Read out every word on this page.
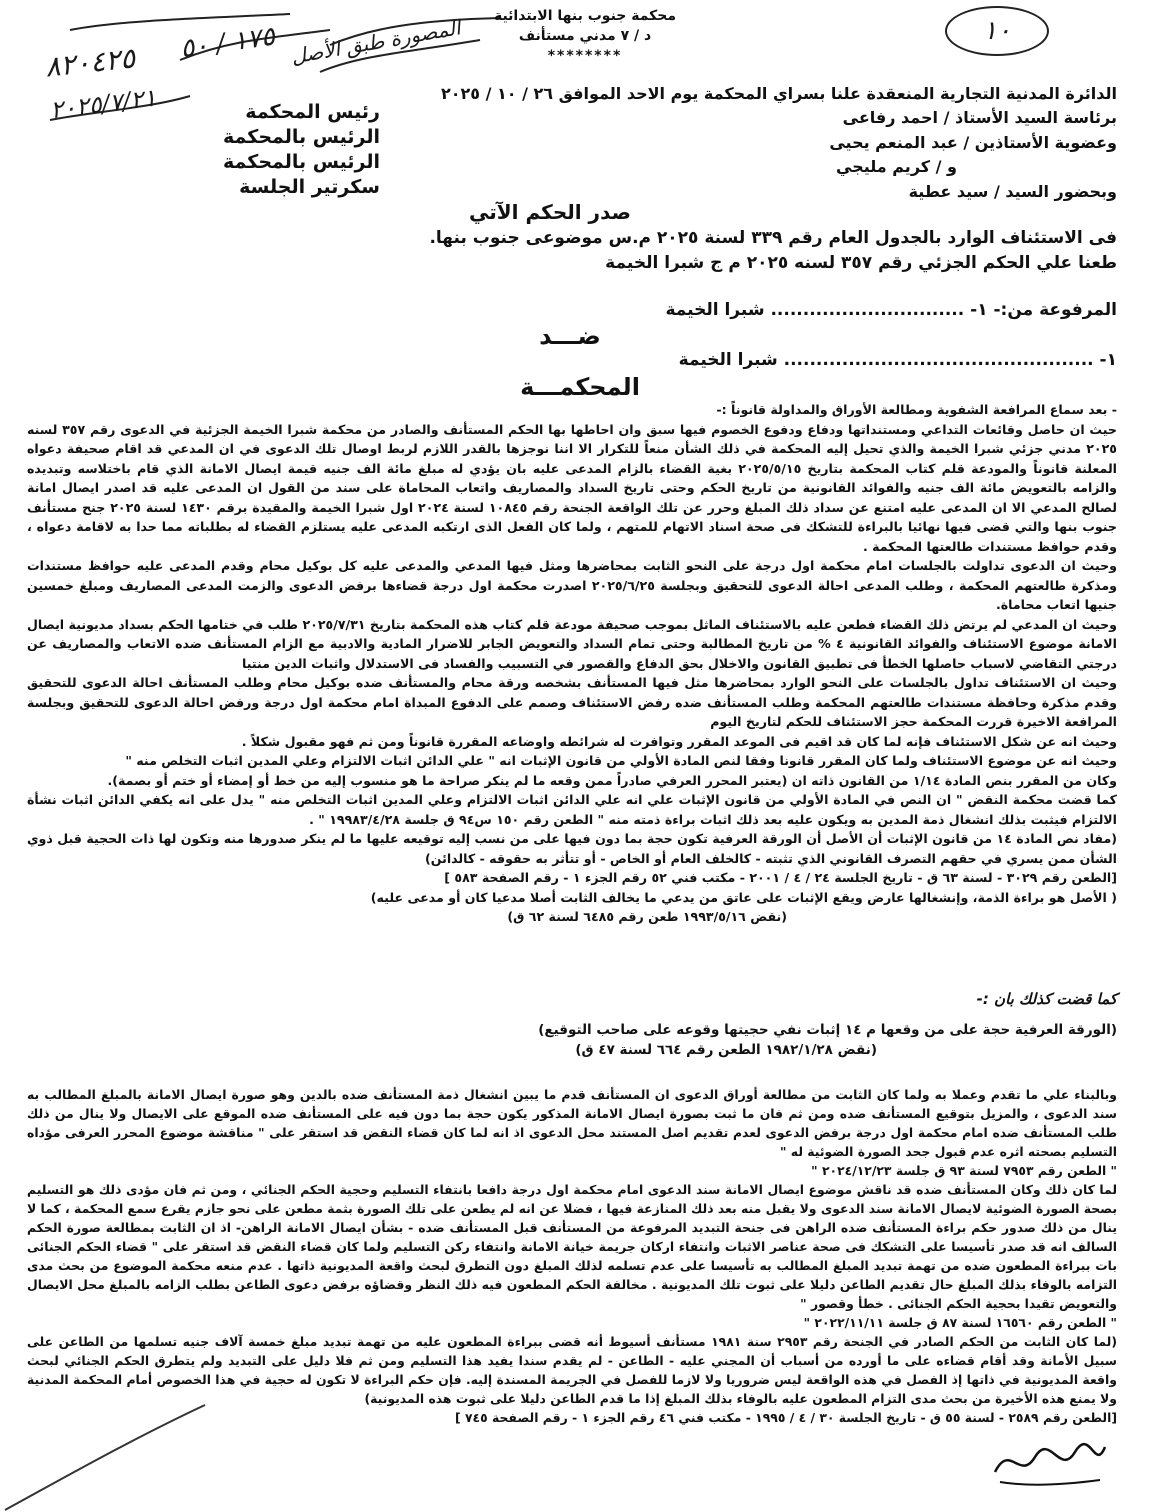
٨٢٠٤٢٥ ١٧٥ / ٥٠
٢٠٢٥/٧/٢١
المصورة طبق الأصل	محكمة جنوب بنها الابتدائية
د / ٧ مدني مستأنف
********
١٠
الدائرة المدنية التجارية المنعقدة علنا بسراي المحكمة يوم الاحد الموافق ٢٦ / ١٠ / ٢٠٢٥
برئاسة السيد الأستاذ / احمد رفاعى
وعضوية الأستاذين / عبد المنعم يحيى
و / كريم مليجي
وبحضور السيد / سيد عطية
رئيس المحكمة
الرئيس بالمحكمة
الرئيس بالمحكمة
سكرتير الجلسة
صدر الحكم الآتي
فى الاستئناف الوارد بالجدول العام رقم ٣٣٩ لسنة ٢٠٢٥ م.س موضوعى جنوب بنها.
طعنا علي الحكم الجزئي رقم ٣٥٧ لسنه ٢٠٢٥ م ج شبرا الخيمة
المرفوعة من:- ١- .............................. شبرا الخيمة
ضـــد
١- ................................................ شبرا الخيمة
المحكمـــة

- بعد سماع المرافعة الشفوية ومطالعة الأوراق والمداولة قانوناً :-

حيث ان حاصل وقائعات التداعي ومستنداتها ودفاع ودفوع الخصوم فيها سبق وان احاطها بها الحكم المستأنف والصادر من محكمة شبرا الخيمة الجزئية في الدعوى رقم ٣٥٧ لسنه ٢٠٢٥ مدني جزئي شبرا الخيمة والذي تحيل إليه المحكمة في ذلك الشأن منعاً للتكرار الا اننا نوجزها بالقدر اللازم لربط اوصال تلك الدعوى في ان المدعي قد اقام صحيفة دعواه المعلنة قانوناً والمودعة قلم كتاب المحكمة بتاريخ ٢٠٢٥/٥/١٥ بغية القضاء بالزام المدعى عليه بان يؤدي له مبلغ مائة الف جنيه قيمة ايصال الامانة الذي قام باختلاسه وتبديده والزامه بالتعويض مائة الف جنيه والفوائد القانونية من تاريخ الحكم وحتى تاريخ السداد والمصاريف واتعاب المحاماة على سند من القول ان المدعى عليه قد اصدر ايصال امانة لصالح المدعي الا ان المدعى عليه امتنع عن سداد ذلك المبلغ وحرر عن تلك الواقعة الجنحة رقم ١٠٨٤٥ لسنة ٢٠٢٤ اول شبرا الخيمة والمقيدة برقم ١٤٣٠ لسنة ٢٠٢٥ جنح مستأنف جنوب بنها والتي قضى فيها نهائيا بالبراءة للتشكك فى صحة اسناد الاتهام للمتهم ، ولما كان الفعل الذى ارتكبه المدعى عليه يستلزم القضاء له بطلباته مما حدا به لاقامة دعواه ، وقدم حوافظ مستندات طالعتها المحكمة .

وحيث ان الدعوى تداولت بالجلسات امام محكمة اول درجة على النحو الثابت بمحاضرها ومثل فيها المدعي والمدعى عليه كل بوكيل محام وقدم المدعى عليه حوافظ مستندات ومذكرة طالعتهم المحكمة ، وطلب المدعى احالة الدعوى للتحقيق وبجلسة ٢٠٢٥/٦/٢٥ اصدرت محكمة اول درجة قضاءها برفض الدعوى والزمت المدعى المصاريف ومبلغ خمسين جنيها اتعاب محاماة.

وحيث ان المدعي لم يرتض ذلك القضاء فطعن عليه بالاستئناف الماثل بموجب صحيفة مودعة قلم كتاب هذه المحكمة بتاريخ ٢٠٢٥/٧/٣١ طلب في ختامها الحكم بسداد مديونية ايصال الامانة موضوع الاستئناف والفوائد القانونية ٤ % من تاريخ المطالبة وحتى تمام السداد والتعويض الجابر للاضرار المادية والادبية مع الزام المستأنف ضده الاتعاب والمصاريف عن درجتي التقاضي لاسباب حاصلها الخطأ فى تطبيق القانون والاخلال بحق الدفاع والقصور في التسبيب والفساد فى الاستدلال واثبات الدين منتيا

وحيث ان الاستئناف تداول بالجلسات على النحو الوارد بمحاضرها مثل فيها المستأنف بشخصه ورقة محام والمستأنف ضده بوكيل محام وطلب المستأنف احالة الدعوى للتحقيق وقدم مذكرة وحافظة مستندات طالعتهم المحكمة وطلب المستأنف ضده رفض الاستئناف وصمم على الدفوع المبداة امام محكمة اول درجة ورفض احالة الدعوى للتحقيق وبجلسة المرافعة الاخيرة قررت المحكمة حجز الاستئناف للحكم لتاريخ اليوم

وحيث انه عن شكل الاستئناف فإنه لما كان قد اقيم فى الموعد المقرر وتوافرت له شرائطه واوضاعه المقررة قانوناً ومن ثم فهو مقبول شكلاً .

وحيث انه عن موضوع الاستئناف ولما كان المقرر قانونا وفقا لنص المادة الأولي من قانون الإثبات انه " علي الدائن اثبات الالتزام وعلي المدين اثبات التخلص منه "

وكان من المقرر بنص المادة ١/١٤ من القانون ذاته ان (يعتبر المحرر العرفي صادراً ممن وقعه ما لم ينكر صراحة ما هو منسوب إليه من خط أو إمضاء أو ختم أو بصمة).

كما قضت محكمة النقض " ان النص في المادة الأولي من قانون الإثبات علي انه علي الدائن اثبات الالتزام وعلي المدين اثبات التخلص منه " يدل على انه يكفي الدائن اثبات نشأة الالتزام فيثبت بذلك انشغال ذمة المدين به ويكون عليه بعد ذلك اثبات براءة ذمته منه " الطعن رقم ١٥٠ س٩٤ ق جلسة ١٩٩٨٣/٤/٢٨ " .

(مفاد نص المادة ١٤ من قانون الإثبات أن الأصل أن الورقة العرفية تكون حجة بما دون فيها على من نسب إليه توقيعه عليها ما لم ينكر صدورها منه وتكون لها ذات الحجية قبل ذوي الشأن ممن يسري في حقهم التصرف القانوني الذي تثبته - كالخلف العام أو الخاص - أو تتأثر به حقوقه - كالدائن)

[الطعن رقم ٣٠٢٩ - لسنة ٦٣ ق - تاريخ الجلسة ٢٤ / ٤ / ٢٠٠١ - مكتب فني ٥٢ رقم الجزء ١ - رقم الصفحة ٥٨٣ ]

( الأصل هو براءة الذمة، وإنشغالها عارض ويقع الإثبات على عاتق من يدعي ما يخالف الثابت أصلا مدعيا كان أو مدعى عليه)

(نقض ١٩٩٣/٥/١٦ طعن رقم ٦٤٨٥ لسنة ٦٢ ق)

كما قضت كذلك بان :-
(الورقة العرفية حجة على من وقعها م ١٤ إثبات نفي حجيتها وقوعه على صاحب التوقيع)
(نقض ١٩٨٢/١/٢٨ الطعن رقم ٦٦٤ لسنة ٤٧ ق)

وبالبناء علي ما تقدم وعملا به ولما كان الثابت من مطالعة أوراق الدعوى ان المستأنف قدم ما يبين انشغال ذمة المستأنف ضده بالدين وهو صورة ايصال الامانة بالمبلغ المطالب به سند الدعوى ، والمزيل بتوقيع المستأنف ضده ومن ثم فان ما ثبت بصورة ايصال الامانة المذكور يكون حجة بما دون فيه على المستأنف ضده الموقع على الايصال ولا ينال من ذلك طلب المستأنف ضده امام محكمة اول درجة برفض الدعوى لعدم تقديم اصل المستند محل الدعوى اذ انه لما كان قضاء النقض قد استقر على " مناقشة موضوع المحرر العرفى مؤداه التسليم بصحته اثره عدم قبول جحد الصورة الضوئية له "

" الطعن رقم ٧٩٥٣ لسنة ٩٣ ق جلسة ٢٠٢٤/١٢/٢٣ "

لما كان ذلك وكان المستأنف ضده قد ناقش موضوع ايصال الامانة سند الدعوى امام محكمة اول درجة دافعا بانتفاء التسليم وحجية الحكم الجنائي ، ومن ثم فان مؤدى ذلك هو التسليم بصحة الصورة الضوئية لايصال الامانة سند الدعوى ولا يقبل منه بعد ذلك المنازعة فيها ، فضلا عن انه لم يطعن على تلك الصورة بثمة مطعن على نحو جازم يقرع سمع المحكمة ، كما لا ينال من ذلك صدور حكم براءة المستأنف ضده الراهن فى جنحة التبديد المرفوعة من المستأنف قبل المستأنف ضده - بشأن ايصال الامانة الراهن- اذ ان الثابت بمطالعة صورة الحكم السالف انه قد صدر تأسيسا على التشكك فى صحة عناصر الاثبات وانتفاء اركان جريمة خيانة الامانة وانتفاء ركن التسليم ولما كان قضاء النقض قد استقر على " قضاء الحكم الجنائى بات ببراءة المطعون ضده من تهمة تبديد المبلغ المطالب به تأسيسا على عدم تسلمه لذلك المبلغ دون التطرق لبحث واقعة المديونية ذاتها . عدم منعه محكمة الموضوع من بحث مدى التزامه بالوفاء بذلك المبلغ حال تقديم الطاعن دليلا على ثبوت تلك المديونية . مخالفة الحكم المطعون فيه ذلك النظر وقضاؤه برفض دعوى الطاعن بطلب الزامه بالمبلغ محل الايصال والتعويض تقيدا بحجية الحكم الجنائى . خطأ وقصور "

" الطعن رقم ١٦٥٦٠ لسنة ٨٧ ق جلسة ٢٠٢٢/١١/١١ "

(لما كان الثابت من الحكم الصادر في الجنحة رقم ٢٩٥٣ سنة ١٩٨١ مستأنف أسيوط أنه قضى ببراءة المطعون عليه من تهمة تبديد مبلغ خمسة آلاف جنيه تسلمها من الطاعن على سبيل الأمانة وقد أقام قضاءه على ما أورده من أسباب أن المجني عليه - الطاعن - لم يقدم سندا يفيد هذا التسليم ومن ثم فلا دليل على التبديد ولم يتطرق الحكم الجنائي لبحث واقعة المديونية في ذاتها إذ الفصل في هذه الواقعة ليس ضروريا ولا لازما للفصل في الجريمة المسندة إليه. فإن حكم البراءة لا تكون له حجية في هذا الخصوص أمام المحكمة المدنية ولا يمنع هذه الأخيرة من بحث مدى التزام المطعون عليه بالوفاء بذلك المبلغ إذا ما قدم الطاعن دليلا على ثبوت هذه المديونية)

[الطعن رقم ٢٥٨٩ - لسنة ٥٥ ق - تاريخ الجلسة ٣٠ / ٤ / ١٩٩٥ - مكتب فني ٤٦ رقم الجزء ١ - رقم الصفحة ٧٤٥ ]
